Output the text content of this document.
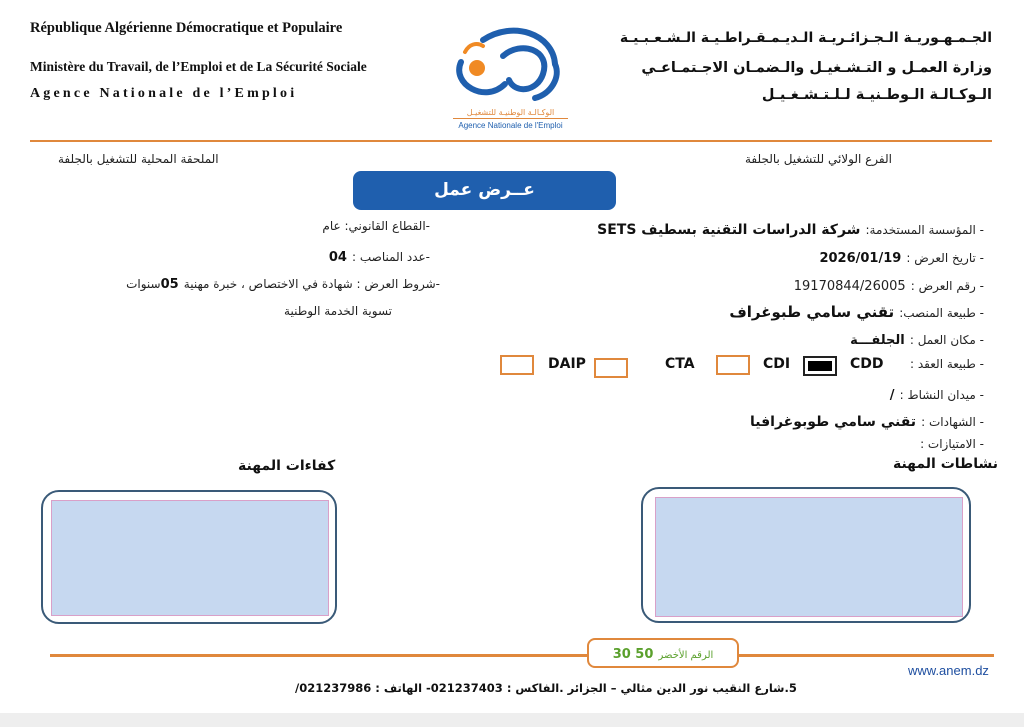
République Algérienne Démocratique et Populaire
Ministère du Travail, de l’Emploi et de La Sécurité Sociale
Agence Nationale de l’Emploi
الوكـالـة الوطنيـة للتشغيـل
Agence Nationale de l'Emploi
الجـمـهـوريـة الـجـزائـريـة الـديـمـقـراطـيـة الـشـعـبـيـة
وزارة العمـل و التـشـغيـل والـضمـان الاجـتمـاعـي
الـوكـالـة الـوطـنيـة لـلـتـشـغـيـل
الفرع الولائي للتشغيل بالجلفة
الملحقة المحلية للتشغيل بالجلفة
عــرض عمل
- المؤسسة المستخدمة: شركة الدراسات التقنية بسطيف SETS
- تاريخ العرض : 2026/01/19
- رقم العرض : 19170844/26005
- طبيعة المنصب: تقني سامي طبوغراف
- مكان العمل : الجلفـــة
- طبيعة العقد :
CDD
CDI
CTA
DAIP
- ميدان النشاط : /
- الشهادات : تقني سامي طوبوغرافيا
- الامتيازات :
-القطاع القانوني: عام
-عدد المناصب : 04
-شروط العرض : شهادة في الاختصاص ، خبرة مهنية 05سنوات
تسوية الخدمة الوطنية
نشاطات المهنة
كفاءات المهنة
الرقم الأخضر 30 50
www.anem.dz
5.شارع النقيب نور الدين مثالي – الجزائر .الفاكس : 021237403- الهاتف : 021237986/
